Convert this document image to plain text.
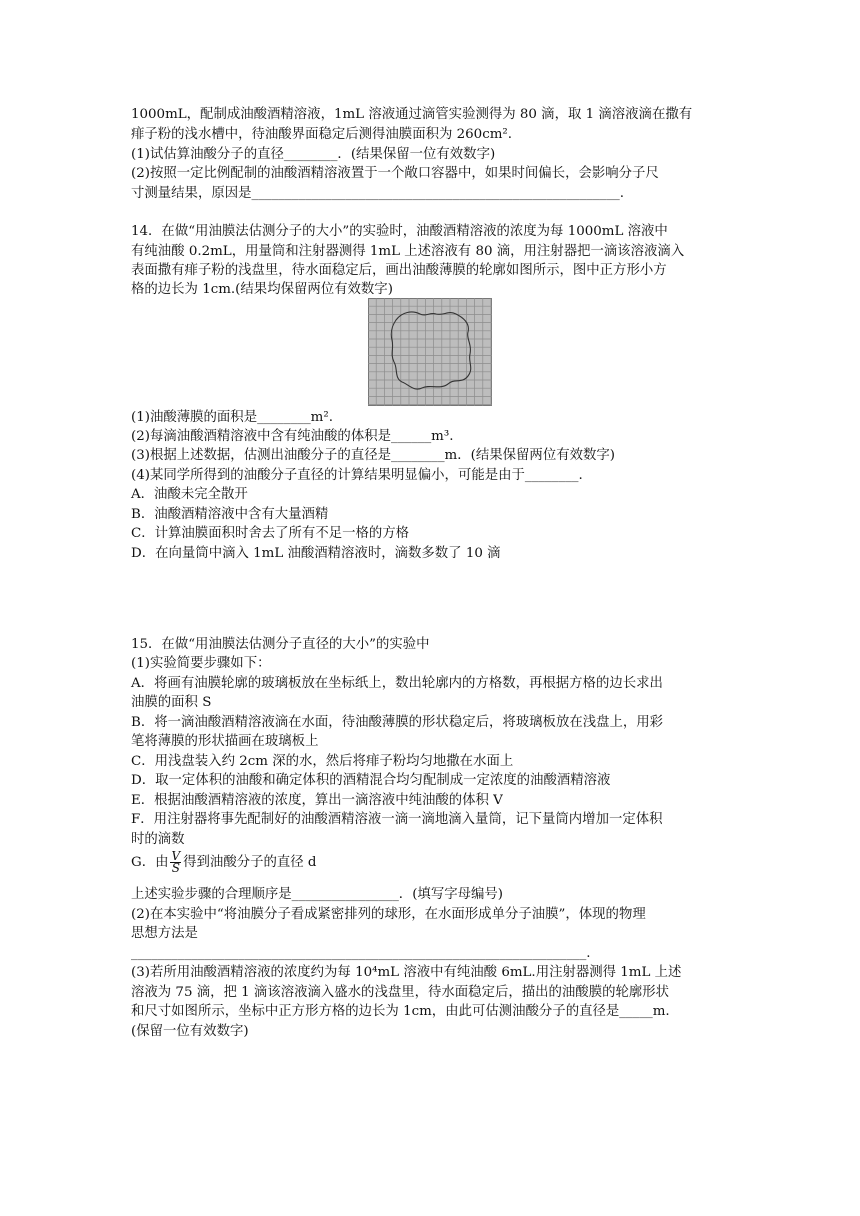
1000mL，配制成油酸酒精溶液，1mL 溶液通过滴管实验测得为 80 滴，取 1 滴溶液滴在撒有
痱子粉的浅水槽中，待油酸界面稳定后测得油膜面积为 260cm².
(1)试估算油酸分子的直径________．(结果保留一位有效数字)
(2)按照一定比例配制的油酸酒精溶液置于一个敞口容器中，如果时间偏长，会影响分子尺
寸测量结果，原因是_______________________________________________________.
14．在做“用油膜法估测分子的大小”的实验时，油酸酒精溶液的浓度为每 1000mL 溶液中
有纯油酸 0.2mL，用量筒和注射器测得 1mL 上述溶液有 80 滴，用注射器把一滴该溶液滴入
表面撒有痱子粉的浅盘里，待水面稳定后，画出油酸薄膜的轮廓如图所示，图中正方形小方
格的边长为 1cm.(结果均保留两位有效数字)
(1)油酸薄膜的面积是________m².
(2)每滴油酸酒精溶液中含有纯油酸的体积是______m³.
(3)根据上述数据，估测出油酸分子的直径是________m．(结果保留两位有效数字)
(4)某同学所得到的油酸分子直径的计算结果明显偏小，可能是由于________.
A．油酸未完全散开
B．油酸酒精溶液中含有大量酒精
C．计算油膜面积时舍去了所有不足一格的方格
D．在向量筒中滴入 1mL 油酸酒精溶液时，滴数多数了 10 滴
15．在做“用油膜法估测分子直径的大小”的实验中
(1)实验简要步骤如下：
A．将画有油膜轮廓的玻璃板放在坐标纸上，数出轮廓内的方格数，再根据方格的边长求出
油膜的面积 S
B．将一滴油酸酒精溶液滴在水面，待油酸薄膜的形状稳定后，将玻璃板放在浅盘上，用彩
笔将薄膜的形状描画在玻璃板上
C．用浅盘装入约 2cm 深的水，然后将痱子粉均匀地撒在水面上
D．取一定体积的油酸和确定体积的酒精混合均匀配制成一定浓度的油酸酒精溶液
E．根据油酸酒精溶液的浓度，算出一滴溶液中纯油酸的体积 V
F．用注射器将事先配制好的油酸酒精溶液一滴一滴地滴入量筒，记下量筒内增加一定体积
时的滴数
G．由 $\frac{V}{S}$ 得到油酸分子的直径 d
上述实验步骤的合理顺序是________________．(填写字母编号)
(2)在本实验中“将油膜分子看成紧密排列的球形，在水面形成单分子油膜”，体现的物理
思想方法是
____________________________________________________________________.
(3)若所用油酸酒精溶液的浓度约为每 10⁴mL 溶液中有纯油酸 6mL.用注射器测得 1mL 上述
溶液为 75 滴，把 1 滴该溶液滴入盛水的浅盘里，待水面稳定后，描出的油酸膜的轮廓形状
和尺寸如图所示，坐标中正方形方格的边长为 1cm，由此可估测油酸分子的直径是_____m.
(保留一位有效数字)
